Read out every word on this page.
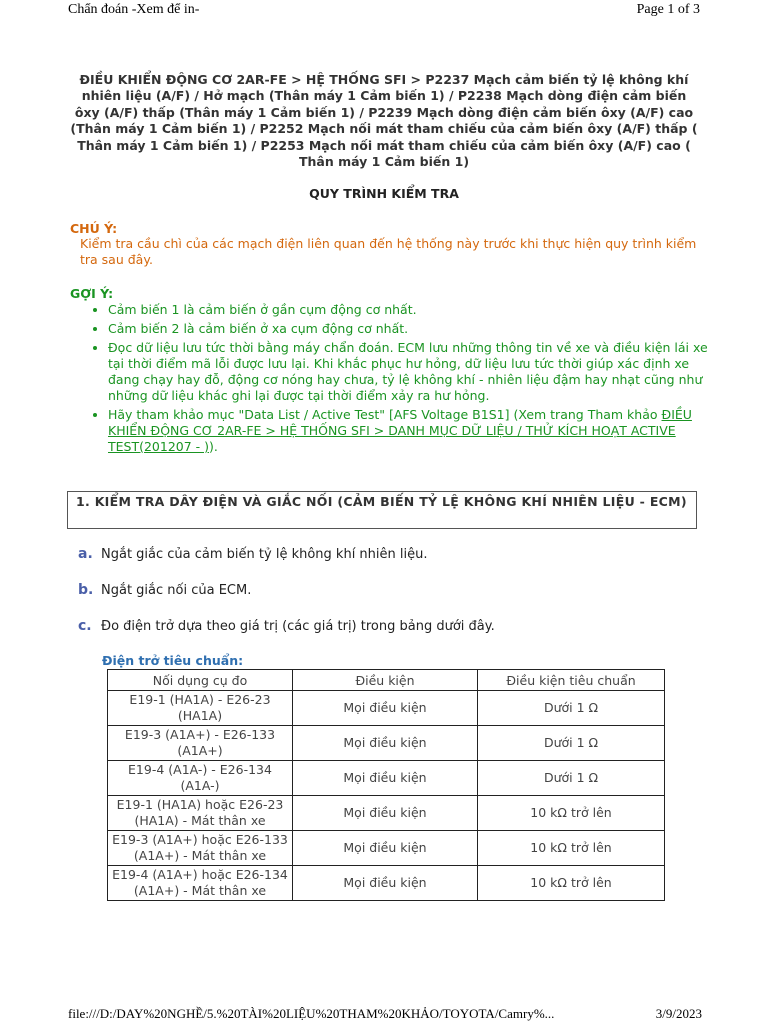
Chẩn đoán -Xem để in-	Page 1 of 3
ĐIỀU KHIỂN ĐỘNG CƠ 2AR-FE > HỆ THỐNG SFI > P2237 Mạch cảm biến tỷ lệ không khí nhiên liệu (A/F) / Hở mạch (Thân máy 1 Cảm biến 1) / P2238 Mạch dòng điện cảm biến ôxy (A/F) thấp (Thân máy 1 Cảm biến 1) / P2239 Mạch dòng điện cảm biến ôxy (A/F) cao (Thân máy 1 Cảm biến 1) / P2252 Mạch nối mát tham chiếu của cảm biến ôxy (A/F) thấp ( Thân máy 1 Cảm biến 1) / P2253 Mạch nối mát tham chiếu của cảm biến ôxy (A/F) cao ( Thân máy 1 Cảm biến 1)
QUY TRÌNH KIỂM TRA
CHÚ Ý:
Kiểm tra cầu chì của các mạch điện liên quan đến hệ thống này trước khi thực hiện quy trình kiểm tra sau đây.
GỢI Ý:
• Cảm biến 1 là cảm biến ở gần cụm động cơ nhất.
• Cảm biến 2 là cảm biến ở xa cụm động cơ nhất.
• Đọc dữ liệu lưu tức thời bằng máy chẩn đoán. ECM lưu những thông tin về xe và điều kiện lái xe tại thời điểm mã lỗi được lưu lại. Khi khắc phục hư hỏng, dữ liệu lưu tức thời giúp xác định xe đang chạy hay đỗ, động cơ nóng hay chưa, tỷ lệ không khí - nhiên liệu đậm hay nhạt cũng như những dữ liệu khác ghi lại được tại thời điểm xảy ra hư hỏng.
• Hãy tham khảo mục "Data List / Active Test" [AFS Voltage B1S1] (Xem trang Tham khảo ĐIỀU KHIỂN ĐỘNG CƠ 2AR-FE > HỆ THỐNG SFI > DANH MỤC DỮ LIỆU / THỬ KÍCH HOẠT ACTIVE TEST(201207 - )).
1. KIỂM TRA DÂY ĐIỆN VÀ GIẮC NỐI (CẢM BIẾN TỶ LỆ KHÔNG KHÍ NHIÊN LIỆU - ECM)
a. Ngắt giắc của cảm biến tỷ lệ không khí nhiên liệu.
b. Ngắt giắc nối của ECM.
c. Đo điện trở dựa theo giá trị (các giá trị) trong bảng dưới đây.
Điện trở tiêu chuẩn:
Nối dụng cụ đo	Điều kiện	Điều kiện tiêu chuẩn
E19-1 (HA1A) - E26-23 (HA1A)	Mọi điều kiện	Dưới 1 Ω
E19-3 (A1A+) - E26-133 (A1A+)	Mọi điều kiện	Dưới 1 Ω
E19-4 (A1A-) - E26-134 (A1A-)	Mọi điều kiện	Dưới 1 Ω
E19-1 (HA1A) hoặc E26-23 (HA1A) - Mát thân xe	Mọi điều kiện	10 kΩ trở lên
E19-3 (A1A+) hoặc E26-133 (A1A+) - Mát thân xe	Mọi điều kiện	10 kΩ trở lên
E19-4 (A1A+) hoặc E26-134 (A1A+) - Mát thân xe	Mọi điều kiện	10 kΩ trở lên
file:///D:/DAY%20NGHỀ/5.%20TÀI%20LIỆU%20THAM%20KHẢO/TOYOTA/Camry%...	3/9/2023
